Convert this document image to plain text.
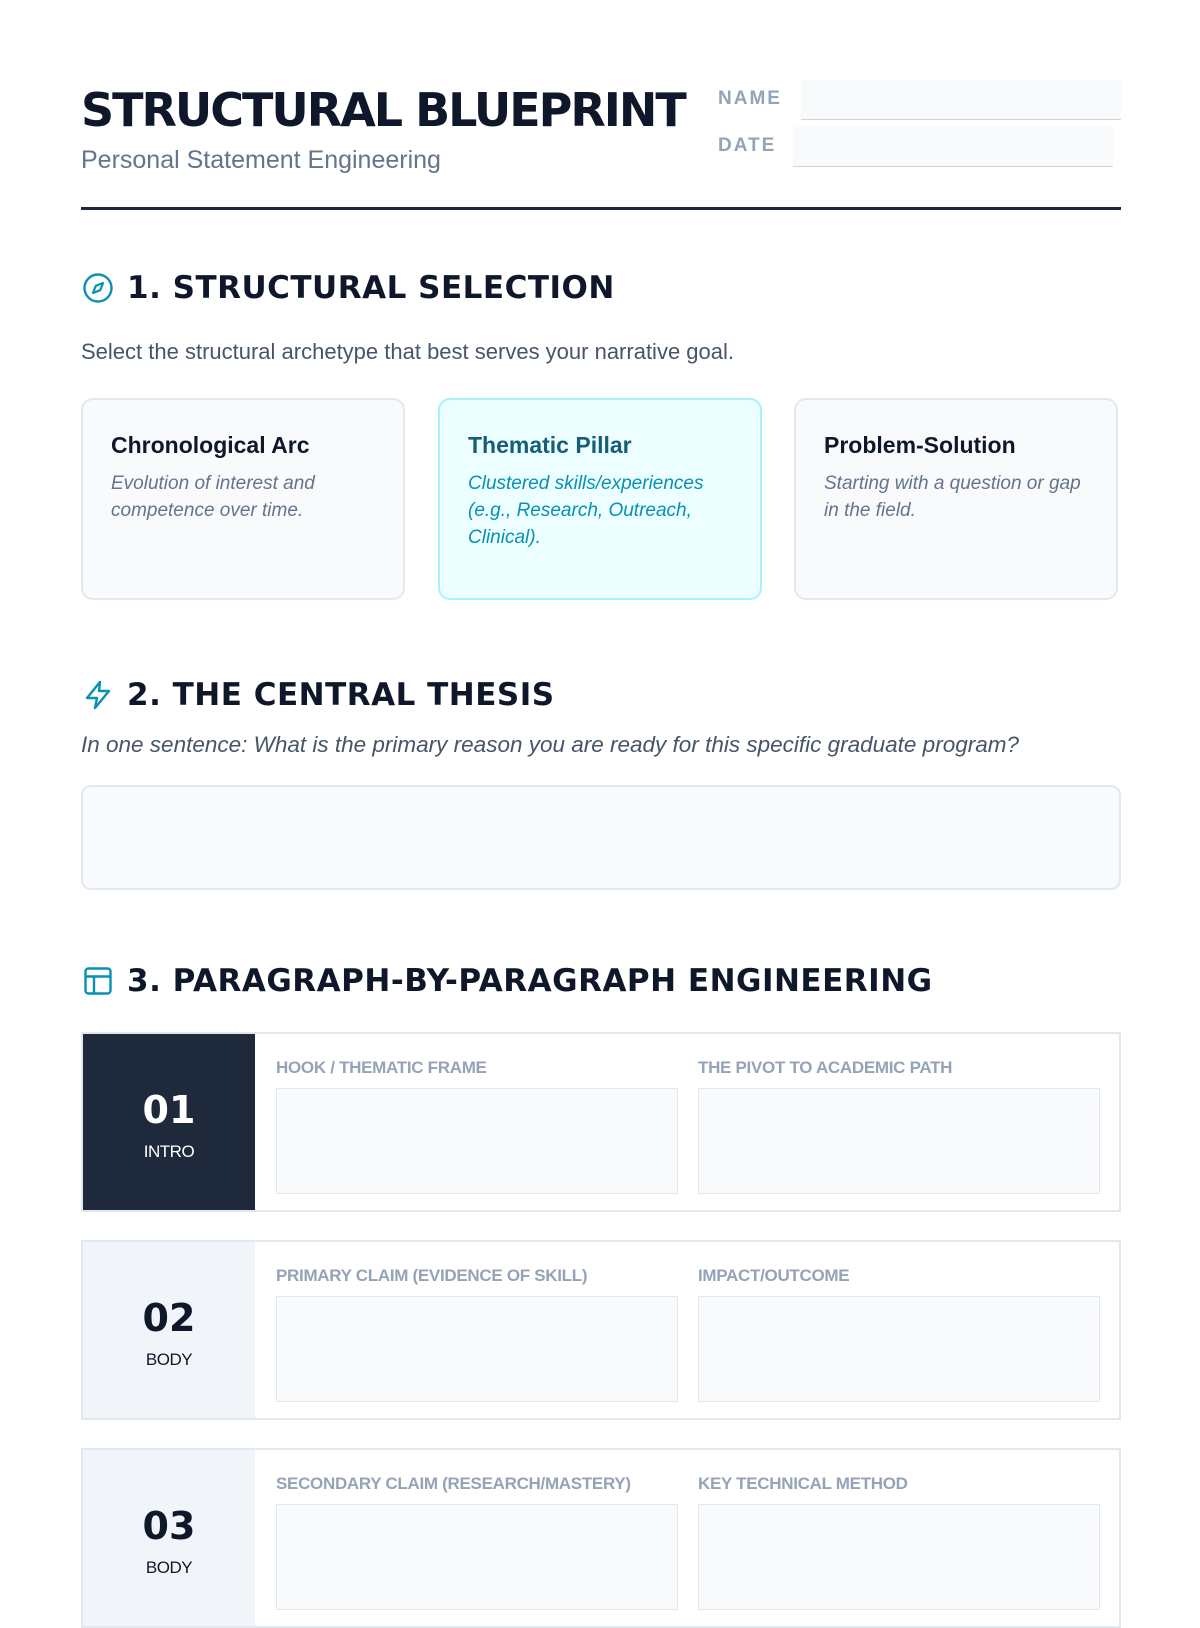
STRUCTURAL BLUEPRINT
Personal Statement Engineering
NAME
DATE
1. STRUCTURAL SELECTION
Select the structural archetype that best serves your narrative goal.
Chronological Arc
Evolution of interest and competence over time.
Thematic Pillar
Clustered skills/experiences (e.g., Research, Outreach, Clinical).
Problem-Solution
Starting with a question or gap in the field.
2. THE CENTRAL THESIS
In one sentence: What is the primary reason you are ready for this specific graduate program?
3. PARAGRAPH-BY-PARAGRAPH ENGINEERING
01
INTRO
HOOK / THEMATIC FRAME	THE PIVOT TO ACADEMIC PATH
02
BODY
PRIMARY CLAIM (EVIDENCE OF SKILL)	IMPACT/OUTCOME
03
BODY
SECONDARY CLAIM (RESEARCH/MASTERY)	KEY TECHNICAL METHOD
